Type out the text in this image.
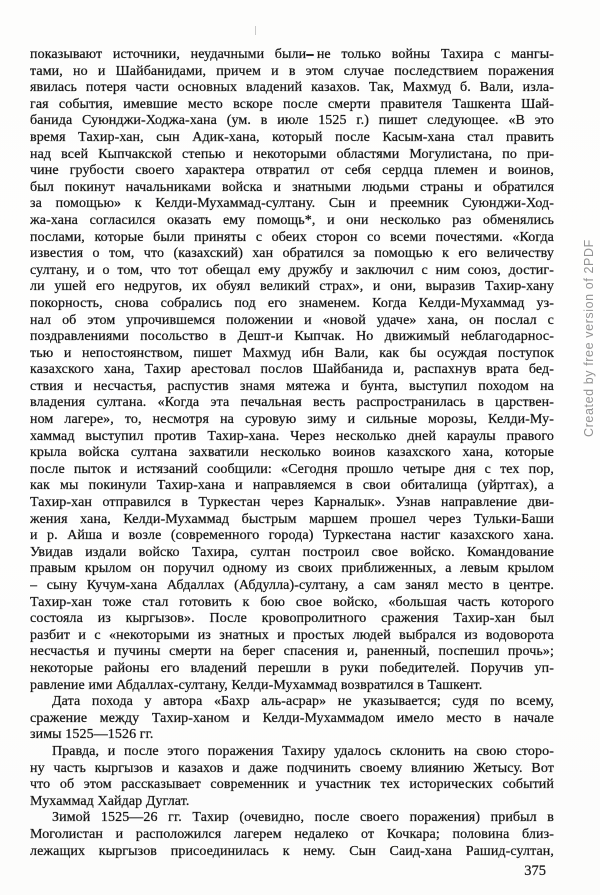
показывают источники, неудачными были не только войны Тахира с мангы-
тами, но и Шайбанидами, причем и в этом случае последствием поражения
явилась потеря части основных владений казахов. Так, Махмуд б. Вали, изла-
гая события, имевшие место вскоре после смерти правителя Ташкента Шай-
банида Суюнджи-Ходжа-хана (ум. в июле 1525 г.) пишет следующее. «В это
время Тахир-хан, сын Адик-хана, который после Касым-хана стал править
над всей Кыпчакской степью и некоторыми областями Могулистана, по при-
чине грубости своего характера отвратил от себя сердца племен и воинов,
был покинут начальниками войска и знатными людьми страны и обратился
за помощью» к Келди-Мухаммад-султану. Сын и преемник Суюнджи-Ход-
жа-хана согласился оказать ему помощь*, и они несколько раз обменялись
послами, которые были приняты с обеих сторон со всеми почестями. «Когда
известия о том, что (казахский) хан обратился за помощью к его величеству
султану, и о том, что тот обещал ему дружбу и заключил с ним союз, достиг-
ли ушей его недругов, их обуял великий страх», и они, выразив Тахир-хану
покорность, снова собрались под его знаменем. Когда Келди-Мухаммад уз-
нал об этом упрочившемся положении и «новой удаче» хана, он послал с
поздравлениями посольство в Дешт-и Кыпчак. Но движимый неблагодарнос-
тью и непостоянством, пишет Махмуд ибн Вали, как бы осуждая поступок
казахского хана, Тахир арестовал послов Шайбанида и, распахнув врата бед-
ствия и несчастья, распустив знамя мятежа и бунта, выступил походом на
владения султана. «Когда эта печальная весть распространилась в царствен-
ном лагере», то, несмотря на суровую зиму и сильные морозы, Келди-Му-
хаммад выступил против Тахир-хана. Через несколько дней караулы правого
крыла войска султана захватили несколько воинов казахского хана, которые
после пыток и истязаний сообщили: «Сегодня прошло четыре дня с тех пор,
как мы покинули Тахир-хана и направляемся в свои обиталища (уйртгах), а
Тахир-хан отправился в Туркестан через Карналык». Узнав направление дви-
жения хана, Келди-Мухаммад быстрым маршем прошел через Тульки-Баши
и р. Айша и возле (современного города) Туркестана настиг казахского хана.
Увидав издали войско Тахира, султан построил свое войско. Командование
правым крылом он поручил одному из своих приближенных, а левым крылом
– сыну Кучум-хана Абдаллах (Абдулла)-султану, а сам занял место в центре.
Тахир-хан тоже стал готовить к бою свое войско, «большая часть которого
состояла из кыргызов». После кровопролитного сражения Тахир-хан был
разбит и с «некоторыми из знатных и простых людей выбрался из водоворота
несчастья и пучины смерти на берег спасения и, раненный, поспешил прочь»;
некоторые районы его владений перешли в руки победителей. Поручив уп-
равление ими Абдаллах-султану, Келди-Мухаммад возвратился в Ташкент.
Дата похода у автора «Бахр аль-асрар» не указывается; судя по всему,
сражение между Тахир-ханом и Келди-Мухаммадом имело место в начале
зимы 1525—1526 гг.
Правда, и после этого поражения Тахиру удалось склонить на свою сторо-
ну часть кыргызов и казахов и даже подчинить своему влиянию Жетысу. Вот
что об этом рассказывает современник и участник тех исторических событий
Мухаммад Хайдар Дуглат.
Зимой 1525—26 гг. Тахир (очевидно, после своего поражения) прибыл в
Моголистан и расположился лагерем недалеко от Кочкара; половина близ-
лежащих кыргызов присоединилась к нему. Сын Саид-хана Рашид-султан,
Created by free version of 2PDF
375
